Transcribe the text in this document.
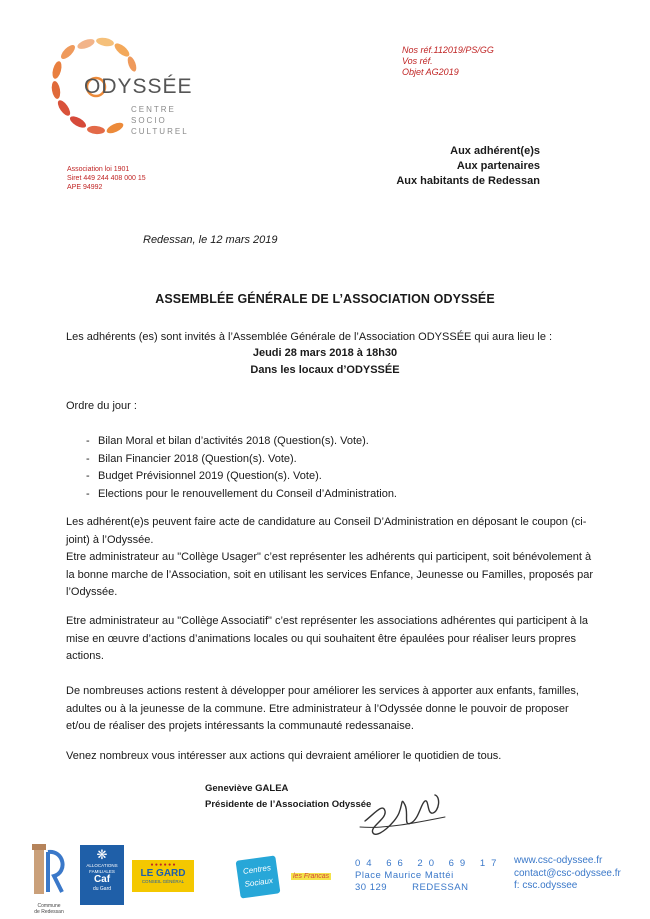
ODYSSÉE
CENTRE
SOCIO
CULTUREL
Association loi 1901
Siret 449 244 408 000 15
APE 94992
Nos réf.112019/PS/GG
Vos réf.
Objet AG2019
Aux adhérent(e)s
Aux partenaires
Aux habitants de Redessan
Redessan, le 12 mars 2019
ASSEMBLÉE GÉNÉRALE DE L’ASSOCIATION ODYSSÉE
Les adhérents (es) sont invités à l’Assemblée Générale de l’Association ODYSSÉE qui aura lieu le :
Jeudi 28 mars 2018 à 18h30
Dans les locaux d’ODYSSÉE
Ordre du jour :
- Bilan Moral et bilan d’activités 2018 (Question(s). Vote).
- Bilan Financier 2018 (Question(s). Vote).
- Budget Prévisionnel 2019 (Question(s). Vote).
- Elections pour le renouvellement du Conseil d’Administration.
Les adhérent(e)s peuvent faire acte de candidature au Conseil D’Administration en déposant le coupon (ci-joint) à l’Odyssée.
Etre administrateur au "Collège Usager" c’est représenter les adhérents qui participent, soit bénévolement à la bonne marche de l’Association, soit en utilisant les services Enfance, Jeunesse ou Familles, proposés par l’Odyssée.
Etre administrateur au "Collège Associatif" c’est représenter les associations adhérentes qui participent à la mise en œuvre d’actions d’animations locales ou qui souhaitent être épaulées pour réaliser leurs propres actions.
De nombreuses actions restent à développer pour améliorer les services à apporter aux enfants, familles, adultes ou à la jeunesse de la commune. Etre administrateur à l’Odyssée donne le pouvoir de proposer et/ou de réaliser des projets intéressants la communauté redessanaise.
Venez nombreux vous intéresser aux actions qui devraient améliorer le quotidien de tous.
Geneviève GALEA
Présidente de l’Association Odyssée
Commune
de Redessan
❋
ALLOCATIONS
FAMILIALES
Caf
du Gard
● ● ● ● ● ●
LE GARD
CONSEIL GÉNÉRAL
Centres
Sociaux	les Francas
04 66 20 69 17
Place Maurice Mattéi
30 129        REDESSAN
www.csc-odyssee.fr
contact@csc-odyssee.fr
f: csc.odyssee
